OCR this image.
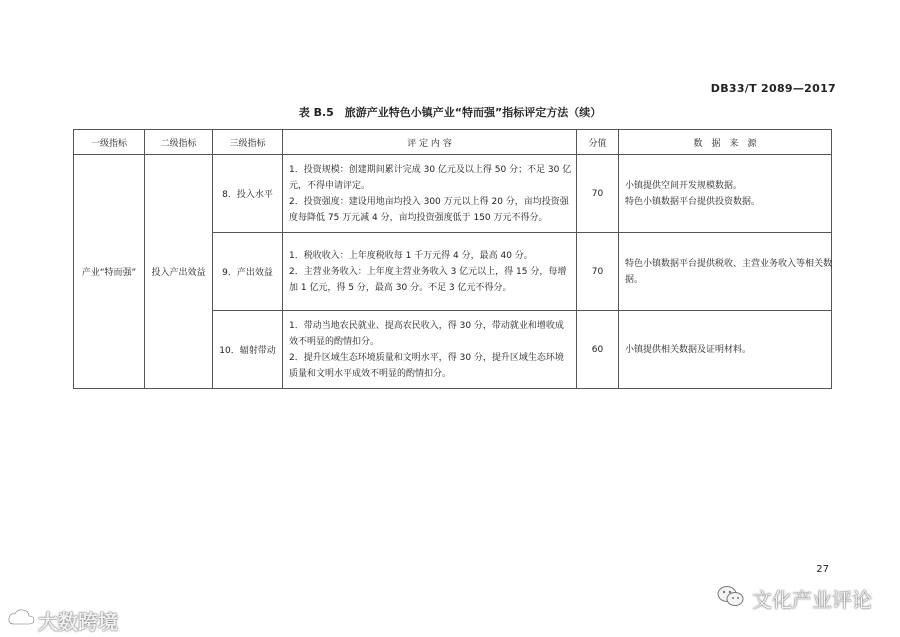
DB33/T 2089—2017
表 B.5　旅游产业特色小镇产业“特而强”指标评定方法（续）
一级指标	二级指标	三级指标	评 定 内 容	分值	数　据　来　源
产业“特而强”	投入产出效益	8．投入水平	1．投资规模：创建期间累计完成 30 亿元及以上得 50 分；不足 30 亿
元，不得申请评定。
2．投资强度：建设用地亩均投入 300 万元以上得 20 分，亩均投资强
度每降低 75 万元减 4 分，亩均投资强度低于 150 万元不得分。	70	小镇提供空间开发规模数据。
特色小镇数据平台提供投资数据。

		9．产出效益	1．税收收入：上年度税收每 1 千万元得 4 分，最高 40 分。
2．主营业务收入：上年度主营业务收入 3 亿元以上，得 15 分，每增
加 1 亿元，得 5 分，最高 30 分。不足 3 亿元不得分。	70	特色小镇数据平台提供税收、主营业务收入等相关数
据。

		10．辐射带动	1．带动当地农民就业、提高农民收入，得 30 分，带动就业和增收成
效不明显的酌情扣分。
2．提升区域生态环境质量和文明水平，得 30 分，提升区域生态环境
质量和文明水平成效不明显的酌情扣分。	60	小镇提供相关数据及证明材料。
27
大数跨境
文化产业评论
